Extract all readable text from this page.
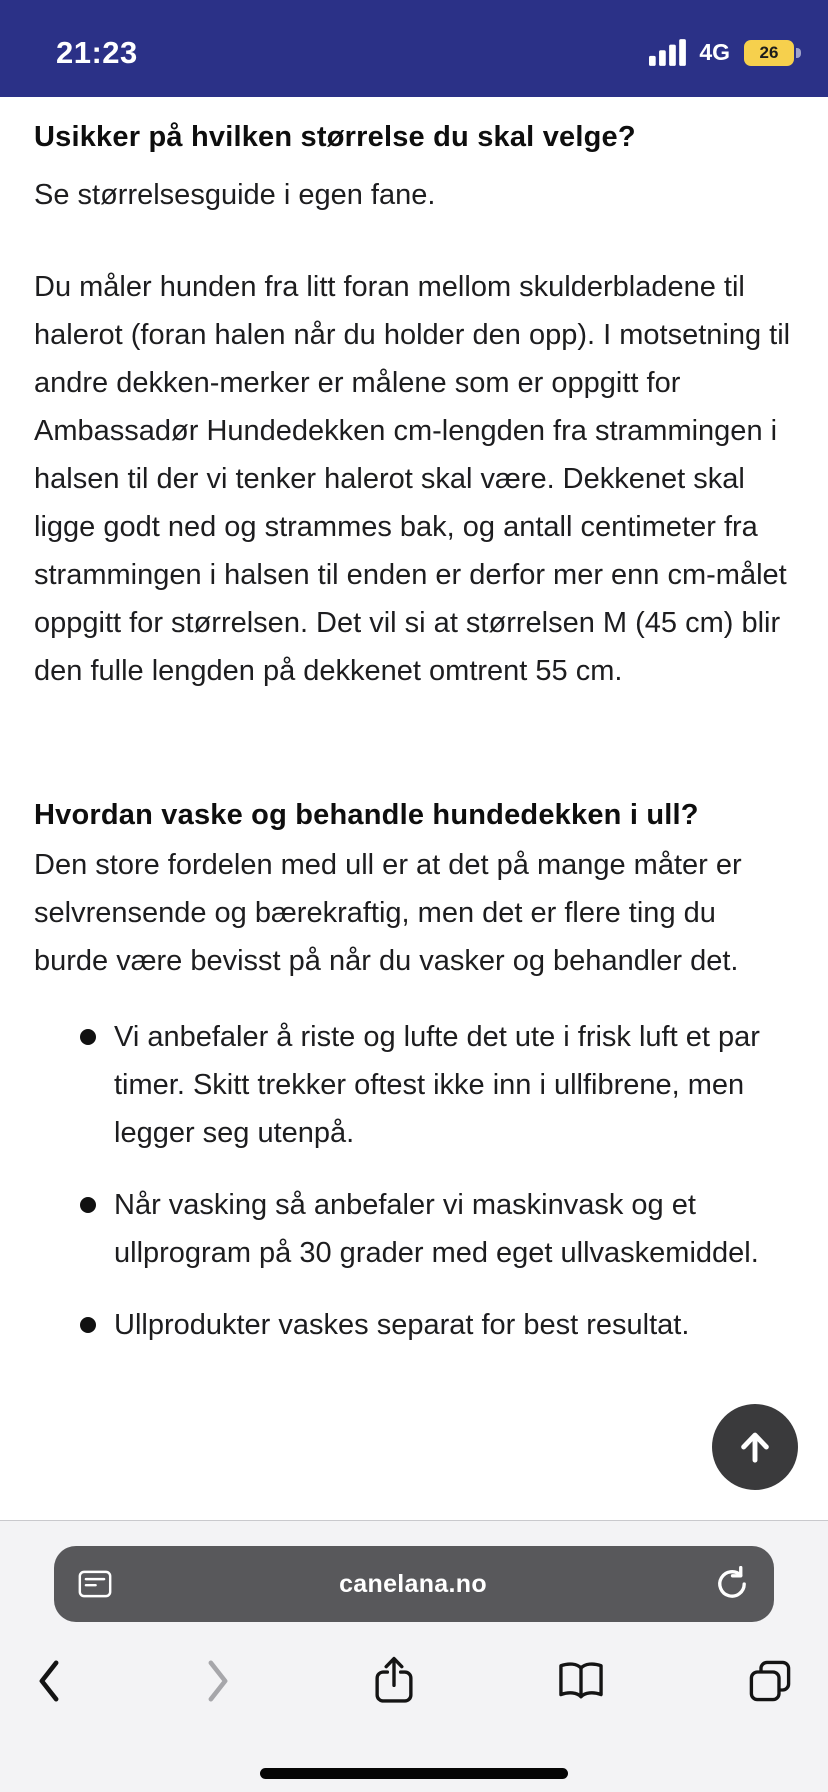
21:23	4G 26
Usikker på hvilken størrelse du skal velge?

Se størrelsesguide i egen fane.

Du måler hunden fra litt foran mellom skulderbladene til halerot (foran halen når du holder den opp). I motsetning til andre dekken-merker er målene som er oppgitt for Ambassadør Hundedekken cm-lengden fra strammingen i halsen til der vi tenker halerot skal være. Dekkenet skal ligge godt ned og strammes bak, og antall centimeter fra strammingen i halsen til enden er derfor mer enn cm-målet oppgitt for størrelsen. Det vil si at størrelsen M (45 cm) blir den fulle lengden på dekkenet omtrent 55 cm.

Hvordan vaske og behandle hundedekken i ull?

Den store fordelen med ull er at det på mange måter er selvrensende og bærekraftig, men det er flere ting du burde være bevisst på når du vasker og behandler det.

Vi anbefaler å riste og lufte det ute i frisk luft et par timer. Skitt trekker oftest ikke inn i ullfibrene, men legger seg utenpå.
Når vasking så anbefaler vi maskinvask og et ullprogram på 30 grader med eget ullvaskemiddel.
Ullprodukter vaskes separat for best resultat.
canelana.no
